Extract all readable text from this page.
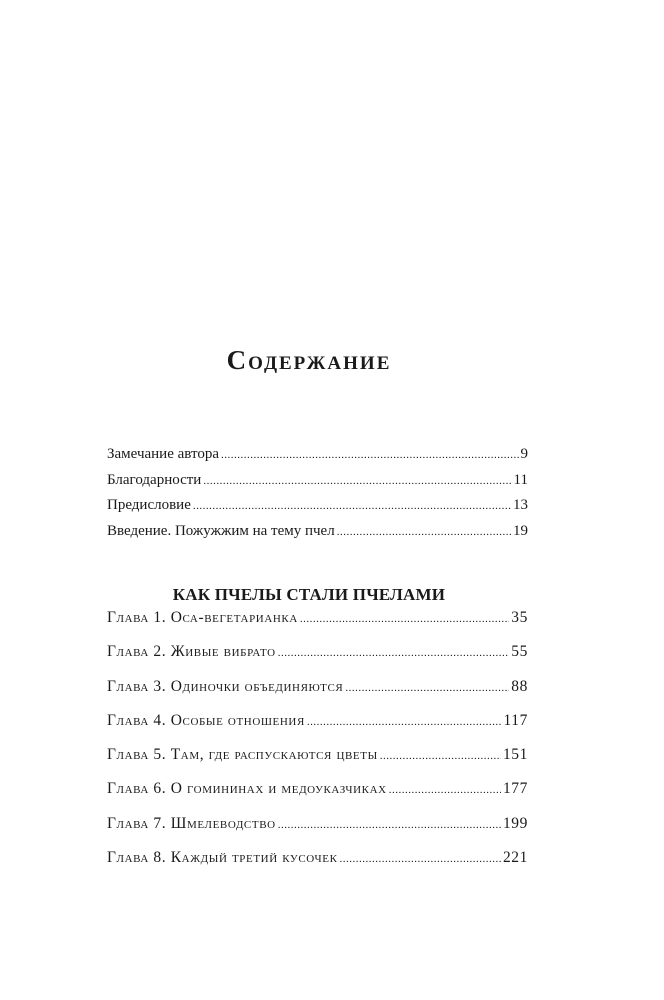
Содержание
Замечание автора .....	9
Благодарности .....	11
Предисловие .....	13
Введение. Пожужжим на тему пчел .....	19
КАК ПЧЕЛЫ СТАЛИ ПЧЕЛАМИ
Глава 1. Оса-вегетарианка .....	35
Глава 2. Живые вибрато .....	55
Глава 3. Одиночки объединяются .....	88
Глава 4. Особые отношения .....	117
Глава 5. Там, где распускаются цветы .....	151
Глава 6. О гомининах и медоуказчиках .....	177
Глава 7. Шмелеводство .....	199
Глава 8. Каждый третий кусочек .....	221
